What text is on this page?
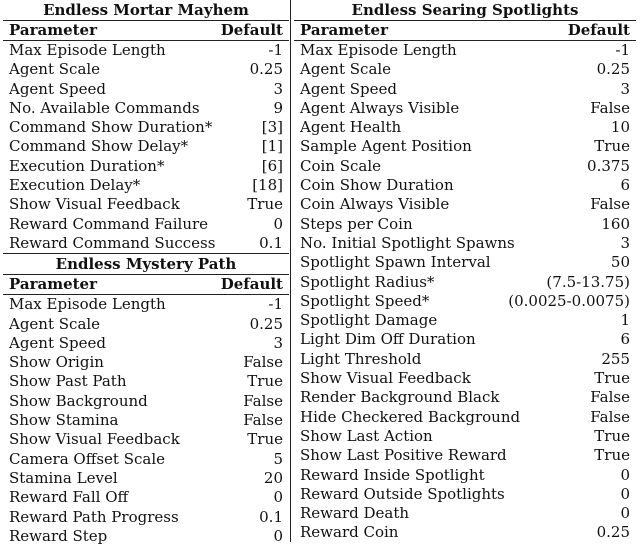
Endless Mortar Mayhem
Parameter	Default
Max Episode Length	-1
Agent Scale	0.25
Agent Speed	3
No. Available Commands	9
Command Show Duration*	[3]
Command Show Delay*	[1]
Execution Duration*	[6]
Execution Delay*	[18]
Show Visual Feedback	True
Reward Command Failure	0
Reward Command Success	0.1
Endless Mystery Path
Parameter	Default
Max Episode Length	-1
Agent Scale	0.25
Agent Speed	3
Show Origin	False
Show Past Path	True
Show Background	False
Show Stamina	False
Show Visual Feedback	True
Camera Offset Scale	5
Stamina Level	20
Reward Fall Off	0
Reward Path Progress	0.1
Reward Step	0
Endless Searing Spotlights
Parameter	Default
Max Episode Length	-1
Agent Scale	0.25
Agent Speed	3
Agent Always Visible	False
Agent Health	10
Sample Agent Position	True
Coin Scale	0.375
Coin Show Duration	6
Coin Always Visible	False
Steps per Coin	160
No. Initial Spotlight Spawns	3
Spotlight Spawn Interval	50
Spotlight Radius*	(7.5-13.75)
Spotlight Speed*	(0.0025-0.0075)
Spotlight Damage	1
Light Dim Off Duration	6
Light Threshold	255
Show Visual Feedback	True
Render Background Black	False
Hide Checkered Background	False
Show Last Action	True
Show Last Positive Reward	True
Reward Inside Spotlight	0
Reward Outside Spotlights	0
Reward Death	0
Reward Coin	0.25
